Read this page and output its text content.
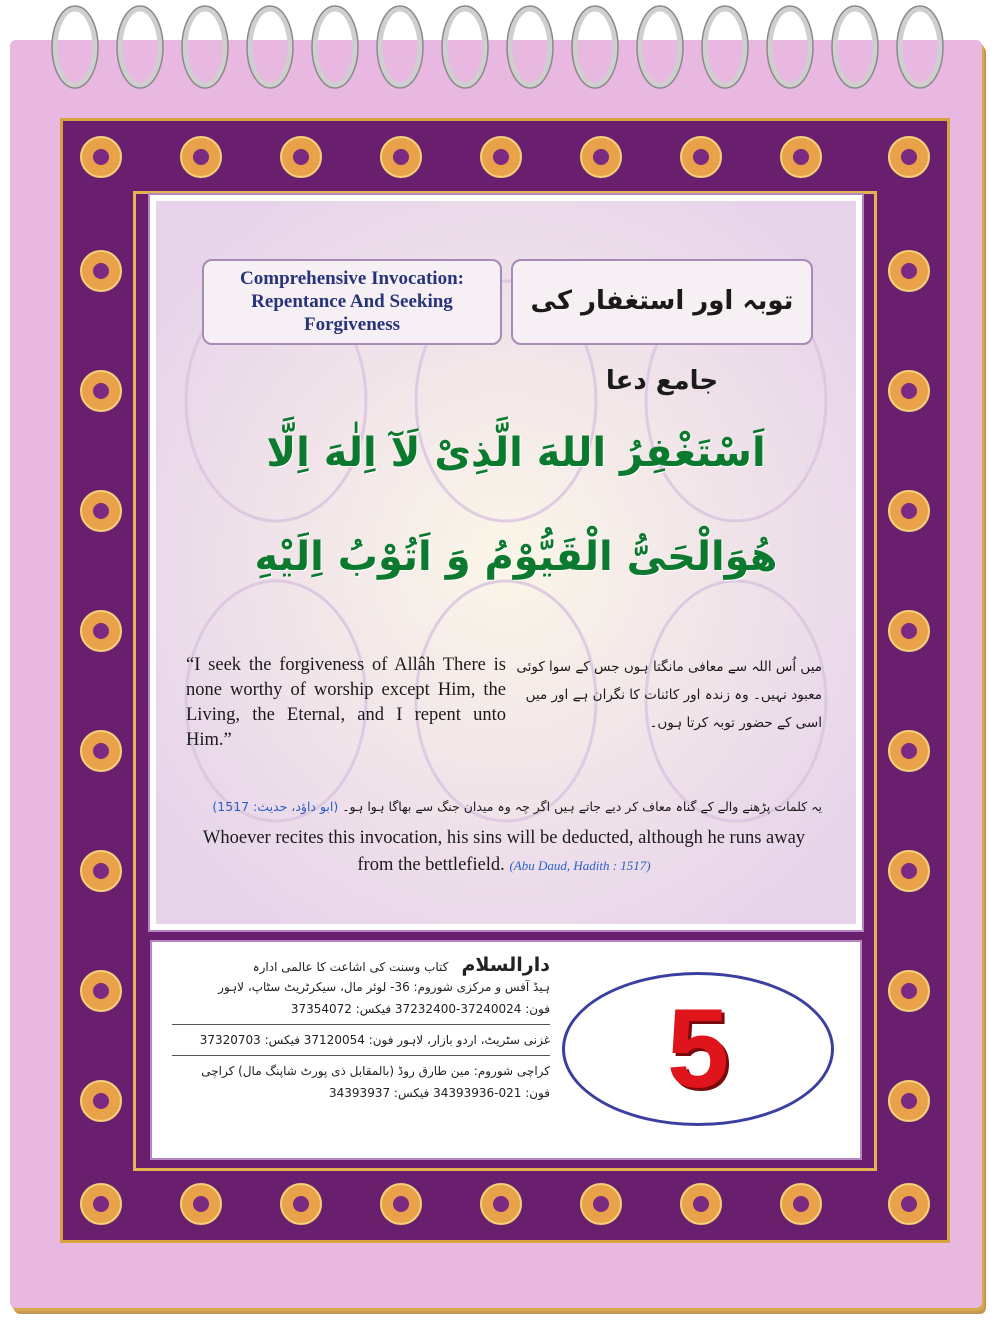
Comprehensive Invocation:
Repentance And Seeking
Forgiveness
توبہ اور استغفار کی جامع دعا
اَسْتَغْفِرُ اللهَ الَّذِیْ لَآ اِلٰهَ اِلَّا
هُوَالْحَیُّ الْقَیُّوْمُ وَ اَتُوْبُ اِلَیْهِ
“I seek the forgiveness of Allâh There is none worthy of worship except Him, the Living, the Eternal, and I repent unto Him.”
میں اُس اللہ سے معافی مانگتا ہوں جس کے سوا کوئی معبود نہیں۔ وہ زندہ اور کائنات کا نگران ہے اور میں اسی کے حضور توبہ کرتا ہوں۔
یہ کلمات پڑھنے والے کے گناہ معاف کر دیے جاتے ہیں اگر چہ وہ میدان جنگ سے بھاگا ہوا ہو۔ (ابو داؤد، حدیث: 1517)
Whoever recites this invocation, his sins will be deducted, although he runs away from the bettlefield. (Abu Daud, Hadith : 1517)
دارالسلام کتاب وسنت کی اشاعت کا عالمی ادارہ
ہیڈ آفس و مرکزی شوروم: 36- لوئر مال، سیکرٹریٹ سٹاپ، لاہور
فون: 37240024-37232400 فیکس: 37354072
غزنی سٹریٹ، اردو بازار، لاہور فون: 37120054 فیکس: 37320703
کراچی شوروم: مین طارق روڈ (بالمقابل ذی پورٹ شاپنگ مال) کراچی
فون: 021-34393936 فیکس: 34393937	5
